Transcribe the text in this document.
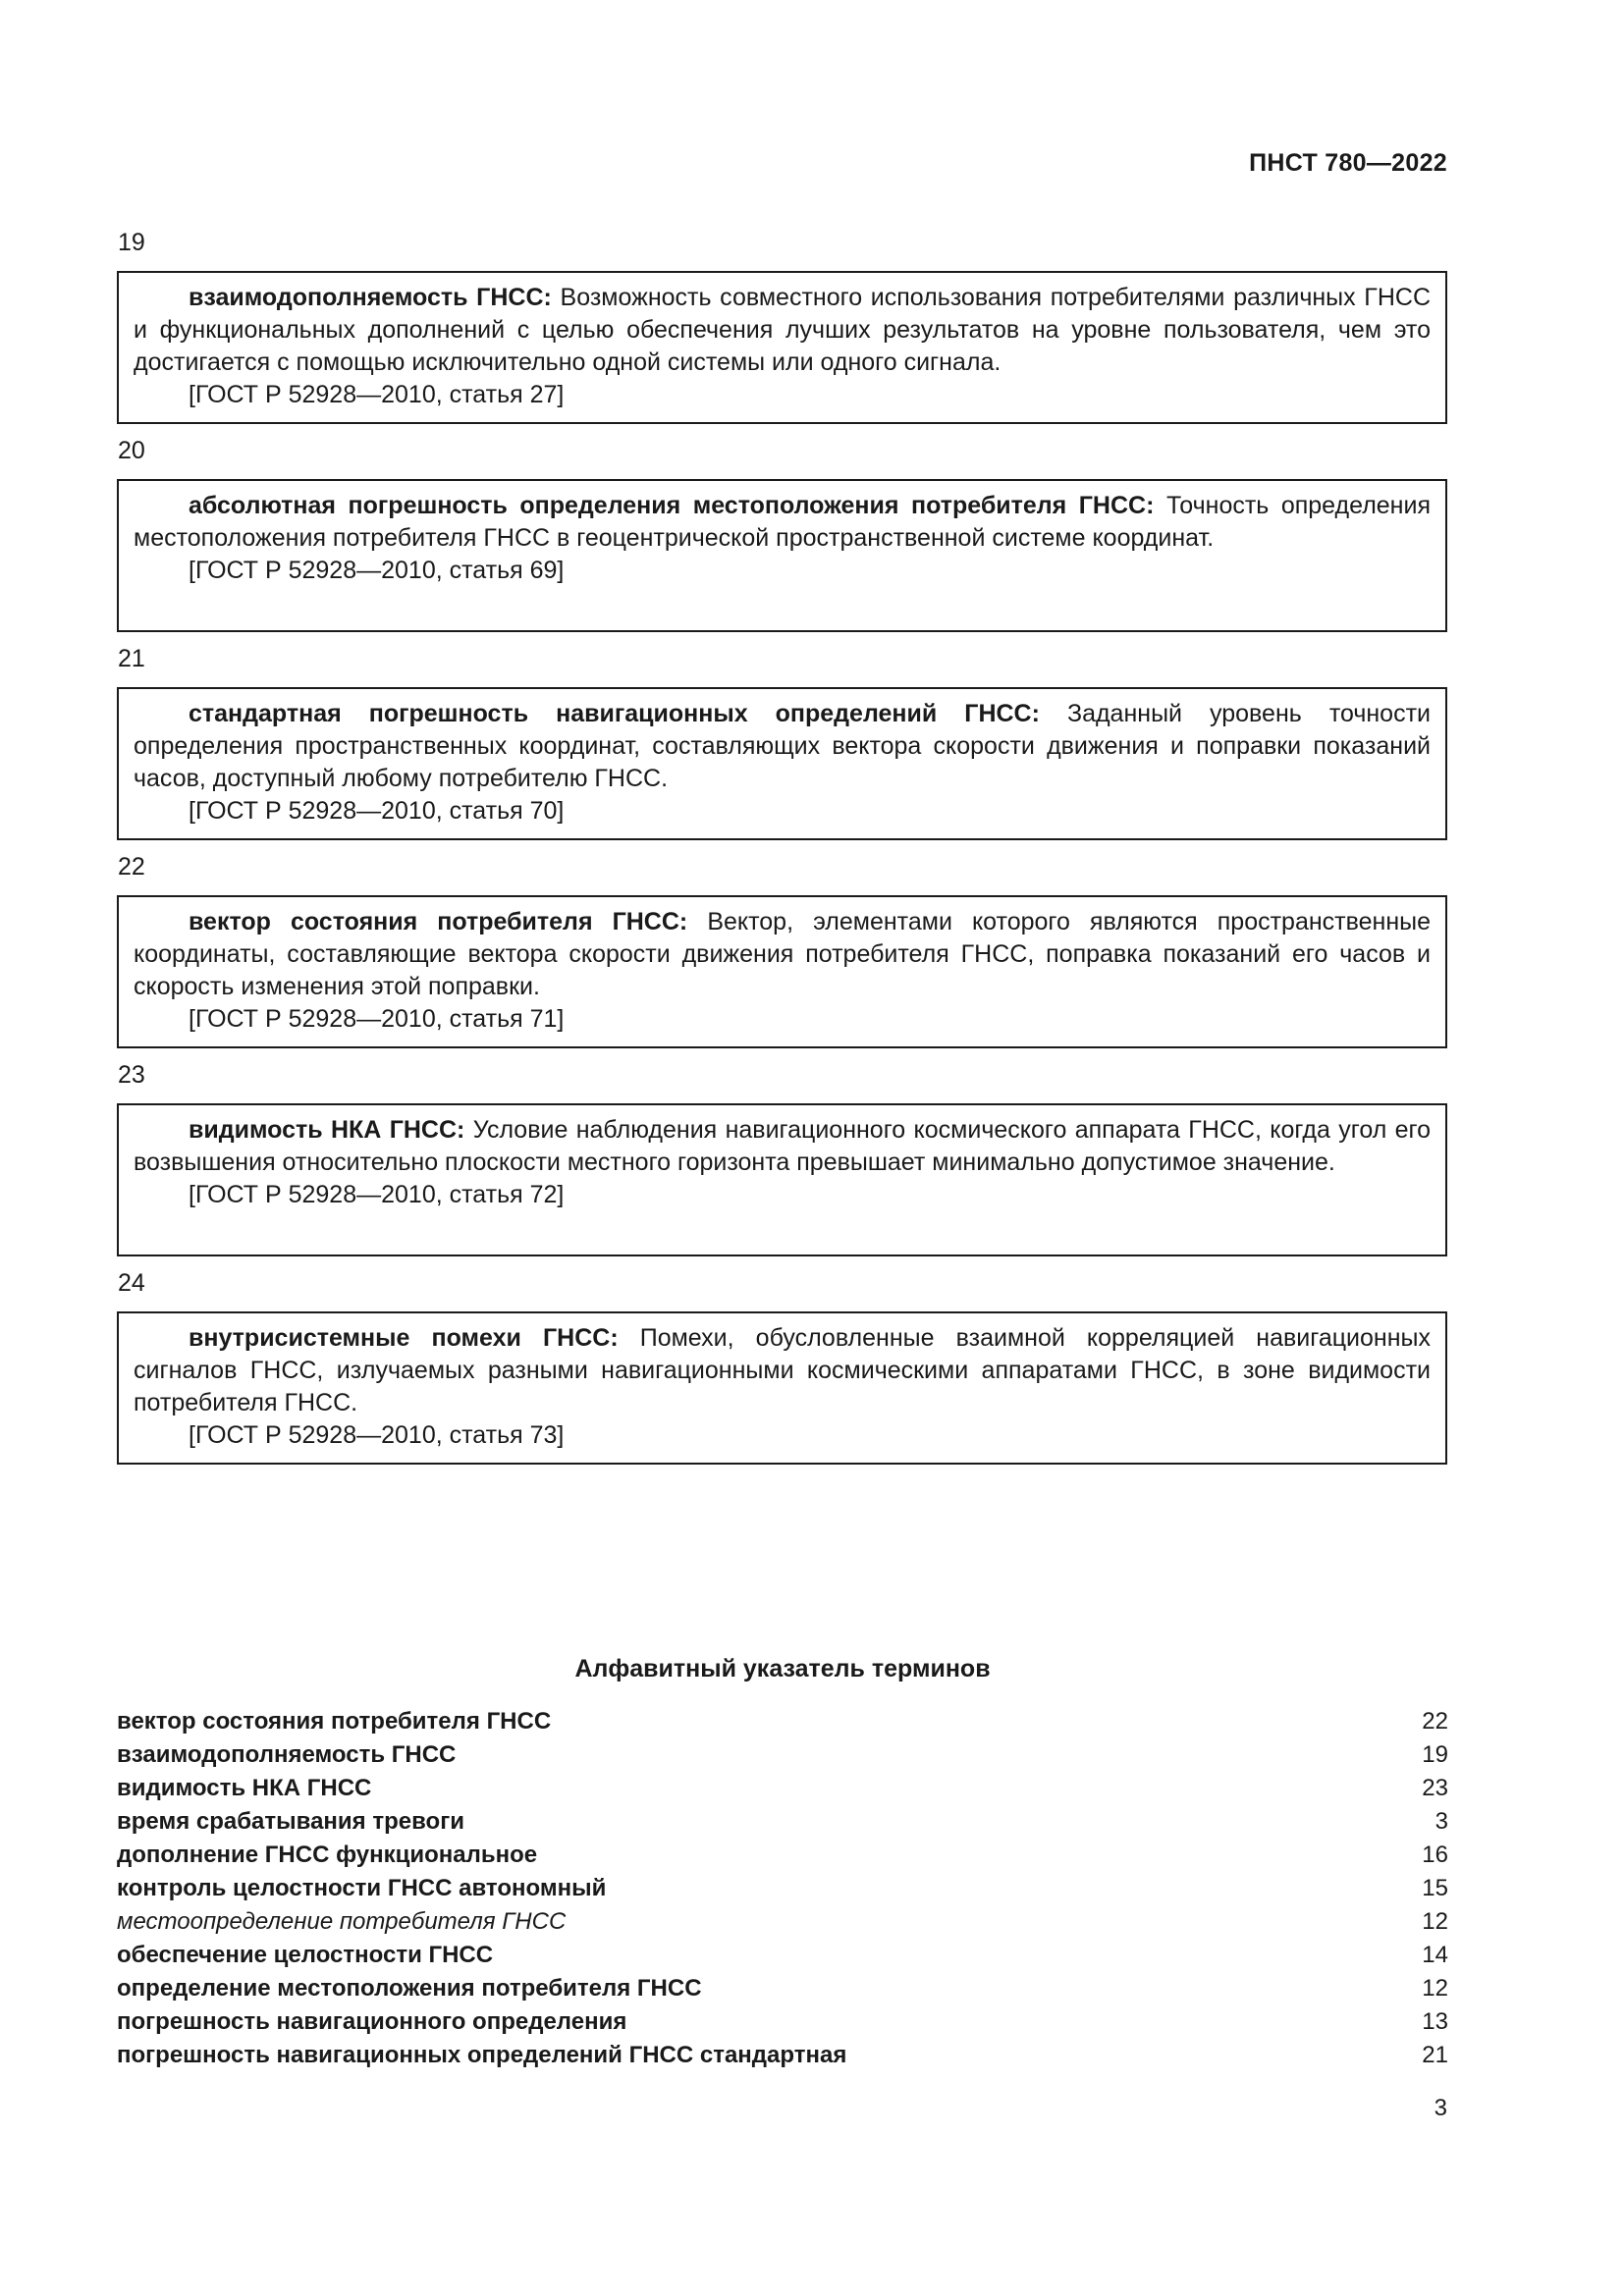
ПНСТ 780—2022
19
взаимодополняемость ГНСС: Возможность совместного использования потребителями различных ГНСС и функциональных дополнений с целью обеспечения лучших результатов на уровне пользователя, чем это достигается с помощью исключительно одной системы или одного сигнала.
[ГОСТ Р 52928—2010, статья 27]
20
абсолютная погрешность определения местоположения потребителя ГНСС: Точность определения местоположения потребителя ГНСС в геоцентрической пространственной системе координат.
[ГОСТ Р 52928—2010, статья 69]
21
стандартная погрешность навигационных определений ГНСС: Заданный уровень точности определения пространственных координат, составляющих вектора скорости движения и поправки показаний часов, доступный любому потребителю ГНСС.
[ГОСТ Р 52928—2010, статья 70]
22
вектор состояния потребителя ГНСС: Вектор, элементами которого являются пространственные координаты, составляющие вектора скорости движения потребителя ГНСС, поправка показаний его часов и скорость изменения этой поправки.
[ГОСТ Р 52928—2010, статья 71]
23
видимость НКА ГНСС: Условие наблюдения навигационного космического аппарата ГНСС, когда угол его возвышения относительно плоскости местного горизонта превышает минимально допустимое значение.
[ГОСТ Р 52928—2010, статья 72]
24
внутрисистемные помехи ГНСС: Помехи, обусловленные взаимной корреляцией навигационных сигналов ГНСС, излучаемых разными навигационными космическими аппаратами ГНСС, в зоне видимости потребителя ГНСС.
[ГОСТ Р 52928—2010, статья 73]
Алфавитный указатель терминов
вектор состояния потребителя ГНСС	22
взаимодополняемость ГНСС	19
видимость НКА ГНСС	23
время срабатывания тревоги	3
дополнение ГНСС функциональное	16
контроль целостности ГНСС автономный	15
местоопределение потребителя ГНСС	12
обеспечение целостности ГНСС	14
определение местоположения потребителя ГНСС	12
погрешность навигационного определения	13
погрешность навигационных определений ГНСС стандартная	21
3
